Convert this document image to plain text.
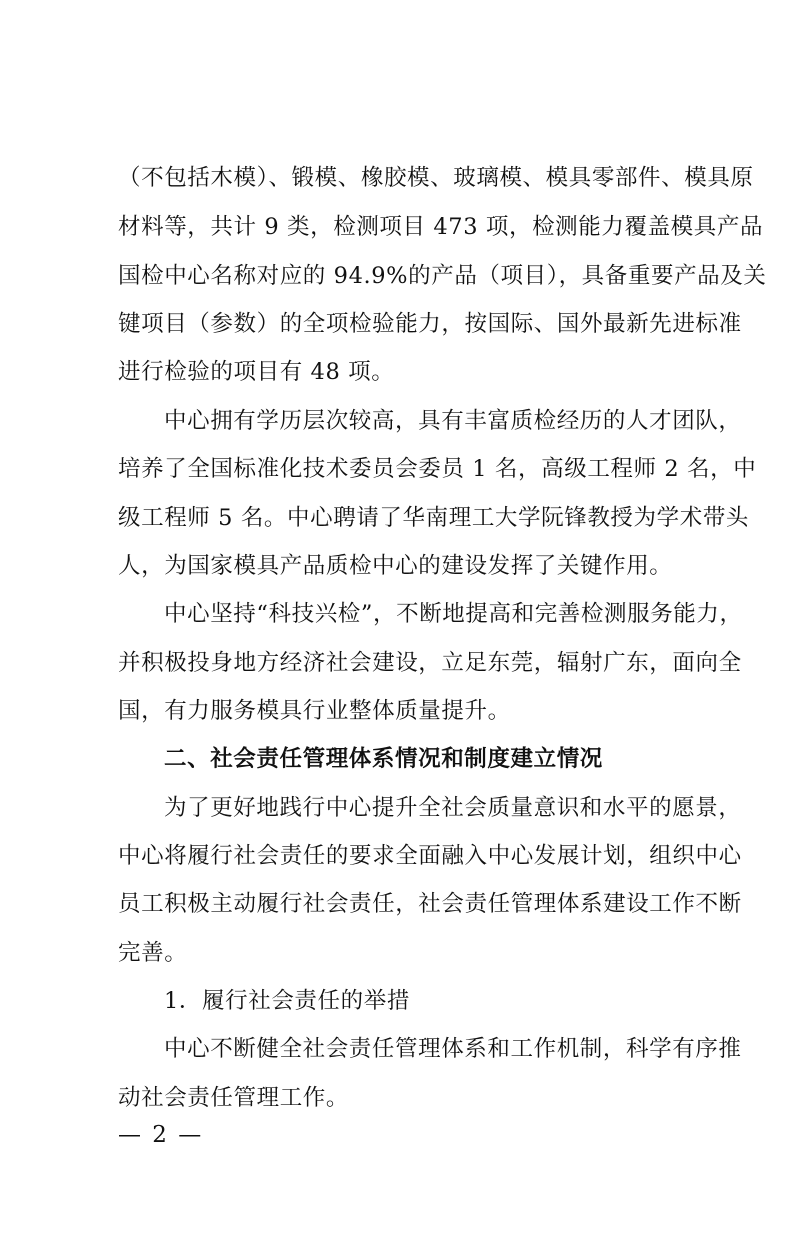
（不包括木模）、锻模、橡胶模、玻璃模、模具零部件、模具原
材料等，共计 9 类，检测项目 473 项，检测能力覆盖模具产品
国检中心名称对应的 94.9%的产品（项目），具备重要产品及关
键项目（参数）的全项检验能力，按国际、国外最新先进标准
进行检验的项目有 48 项。
中心拥有学历层次较高，具有丰富质检经历的人才团队，
培养了全国标准化技术委员会委员 1 名，高级工程师 2 名，中
级工程师 5 名。中心聘请了华南理工大学阮锋教授为学术带头
人，为国家模具产品质检中心的建设发挥了关键作用。
中心坚持“科技兴检”，不断地提高和完善检测服务能力，
并积极投身地方经济社会建设，立足东莞，辐射广东，面向全
国，有力服务模具行业整体质量提升。
二、社会责任管理体系情况和制度建立情况
为了更好地践行中心提升全社会质量意识和水平的愿景，
中心将履行社会责任的要求全面融入中心发展计划，组织中心
员工积极主动履行社会责任，社会责任管理体系建设工作不断
完善。
1．履行社会责任的举措
中心不断健全社会责任管理体系和工作机制，科学有序推
动社会责任管理工作。
— 2 —
